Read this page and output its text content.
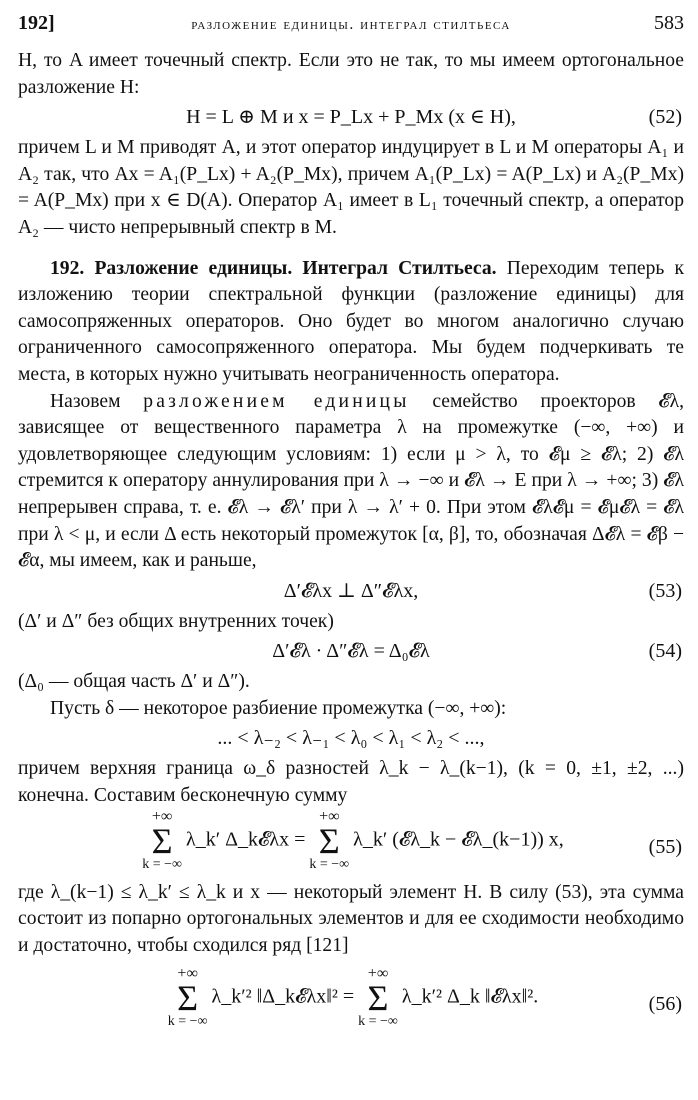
192]	разложение единицы. интеграл стилтьеса	583

H, то A имеет точечный спектр. Если это не так, то мы имеем ортогональное разложение H:

H = L ⊕ M и x = P_Lx + P_Mx (x ∈ H),	(52)

причем L и M приводят A, и этот оператор индуцирует в L и M операторы A₁ и A₂ так, что Ax = A₁(P_Lx) + A₂(P_Mx), причем A₁(P_Lx) = A(P_Lx) и A₂(P_Mx) = A(P_Mx) при x ∈ D(A). Оператор A₁ имеет в L₁ точечный спектр, а оператор A₂ — чисто непрерывный спектр в M.

192. Разложение единицы. Интеграл Стилтьеса. Переходим теперь к изложению теории спектральной функции (разложение единицы) для самосопряженных операторов. Оно будет во многом аналогично случаю ограниченного самосопряженного оператора. Мы будем подчеркивать те места, в которых нужно учитывать неограниченность оператора.

Назовем разложением единицы семейство проекторов 𝓔λ, зависящее от вещественного параметра λ на промежутке (−∞, +∞) и удовлетворяющее следующим условиям: 1) если μ > λ, то 𝓔μ ≥ 𝓔λ; 2) 𝓔λ стремится к оператору аннулирования при λ → −∞ и 𝓔λ → E при λ → +∞; 3) 𝓔λ непрерывен справа, т. е. 𝓔λ → 𝓔λ′ при λ → λ′ + 0. При этом 𝓔λ𝓔μ = 𝓔μ𝓔λ = 𝓔λ при λ < μ, и если Δ есть некоторый промежуток [α, β], то, обозначая Δ𝓔λ = 𝓔β − 𝓔α, мы имеем, как и раньше,

Δ′𝓔λx ⊥ Δ″𝓔λx,	(53)

(Δ′ и Δ″ без общих внутренних точек)

Δ′𝓔λ · Δ″𝓔λ = Δ₀𝓔λ	(54)

(Δ₀ — общая часть Δ′ и Δ″).

Пусть δ — некоторое разбиение промежутка (−∞, +∞):

... < λ₋₂ < λ₋₁ < λ₀ < λ₁ < λ₂ < ...,

причем верхняя граница ω_δ разностей λ_k − λ_(k−1), (k = 0, ±1, ±2, ...) конечна. Составим бесконечную сумму

+∞
Σ
k = −∞
λ_k′ Δ_k𝓔λx =
+∞
Σ
k = −∞
λ_k′ (𝓔λ_k − 𝓔λ_(k−1)) x,	(55)

где λ_(k−1) ≤ λ_k′ ≤ λ_k и x — некоторый элемент H. В силу (53), эта сумма состоит из попарно ортогональных элементов и для ее сходимости необходимо и достаточно, чтобы сходился ряд [121]

+∞
Σ
k = −∞
λ_k′² ‖Δ_k𝓔λx‖² =
+∞
Σ
k = −∞
λ_k′² Δ_k ‖𝓔λx‖².	(56)
